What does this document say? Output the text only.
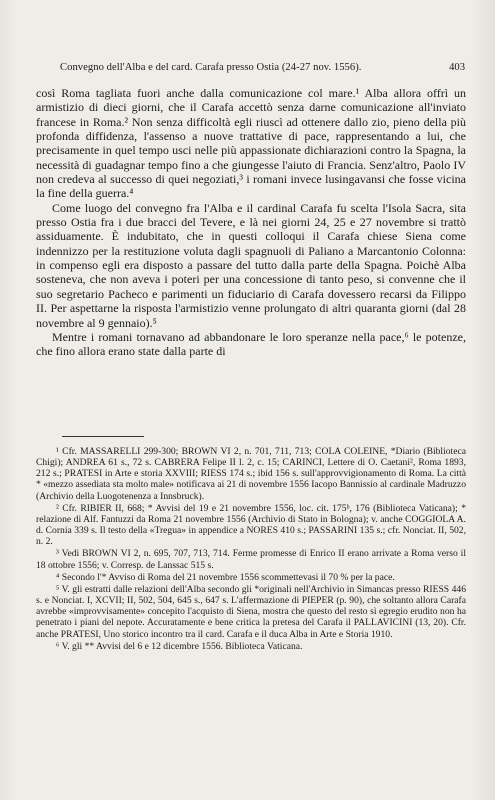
Convegno dell'Alba e del card. Carafa presso Ostia (24-27 nov. 1556).	403

così Roma tagliata fuori anche dalla comunicazione col mare.¹ Alba allora offrì un armistizio di dieci giorni, che il Carafa accettò senza darne comunicazione all'inviato francese in Roma.² Non senza difficoltà egli riuscì ad ottenere dallo zio, pieno della più profonda diffidenza, l'assenso a nuove trattative di pace, rappresentando a lui, che precisamente in quel tempo usci nelle più appassionate dichiarazioni contro la Spagna, la necessità di guadagnar tempo fino a che giungesse l'aiuto di Francia. Senz'altro, Paolo IV non credeva al successo di quei negoziati,³ i romani invece lusingavansi che fosse vicina la fine della guerra.⁴

Come luogo del convegno fra l'Alba e il cardinal Carafa fu scelta l'Isola Sacra, sita presso Ostia fra i due bracci del Tevere, e là nei giorni 24, 25 e 27 novembre si trattò assiduamente. È indubitato, che in questi colloqui il Carafa chiese Siena come indennizzo per la restituzione voluta dagli spagnuoli di Paliano a Marcantonio Colonna: in compenso egli era disposto a passare del tutto dalla parte della Spagna. Poichè Alba sosteneva, che non aveva i poteri per una concessione di tanto peso, si convenne che il suo segretario Pacheco e parimenti un fiduciario di Carafa dovessero recarsi da Filippo II. Per aspettarne la risposta l'armistizio venne prolungato di altri quaranta giorni (dal 28 novembre al 9 gennaio).⁵

Mentre i romani tornavano ad abbandonare le loro speranze nella pace,⁶ le potenze, che fino allora erano state dalla parte di

¹ Cfr. MASSARELLI 299-300; BROWN VI 2, n. 701, 711, 713; COLA COLEINE, *Diario (Biblioteca Chigi); ANDREA 61 s., 72 s. CABRERA Felipe II l. 2, c. 15; CARINCI, Lettere di O. Caetani², Roma 1893, 212 s.; PRATESI in Arte e storia XXVIII; RIESS 174 s.; ibid 156 s. sull'approvvigionamento di Roma. La città * «mezzo assediata sta molto male» notificava ai 21 di novembre 1556 Iacopo Bannissio al cardinale Madruzzo (Archivio della Luogotenenza a Innsbruck).

² Cfr. RIBIER II, 668; * Avvisi del 19 e 21 novembre 1556, loc. cit. 175ᵇ, 176 (Biblioteca Vaticana); * relazione di Alf. Fantuzzi da Roma 21 novembre 1556 (Archivio di Stato in Bologna); v. anche COGGIOLA A. d. Cornia 339 s. Il testo della «Tregua» in appendice a NORES 410 s.; PASSARINI 135 s.; cfr. Nonciat. II, 502, n. 2.

³ Vedi BROWN VI 2, n. 695, 707, 713, 714. Ferme promesse di Enrico II erano arrivate a Roma verso il 18 ottobre 1556; v. Corresp. de Lanssac 515 s.

⁴ Secondo l'* Avviso di Roma del 21 novembre 1556 scommettevasi il 70 % per la pace.

⁵ V. gli estratti dalle relazioni dell'Alba secondo gli *originali nell'Archivio in Simancas presso RIESS 446 s. e Nonciat. I, XCVII; II, 502, 504, 645 s., 647 s. L'affermazione di PIEPER (p. 90), che soltanto allora Carafa avrebbe «improvvisamente» concepito l'acquisto di Siena, mostra che questo del resto sì egregio erudito non ha penetrato i piani del nepote. Accuratamente e bene critica la pretesa del Carafa il PALLAVICINI (13, 20). Cfr. anche PRATESI, Uno storico incontro tra il card. Carafa e il duca Alba in Arte e Storia 1910.

⁶ V. gli ** Avvisi del 6 e 12 dicembre 1556. Biblioteca Vaticana.
